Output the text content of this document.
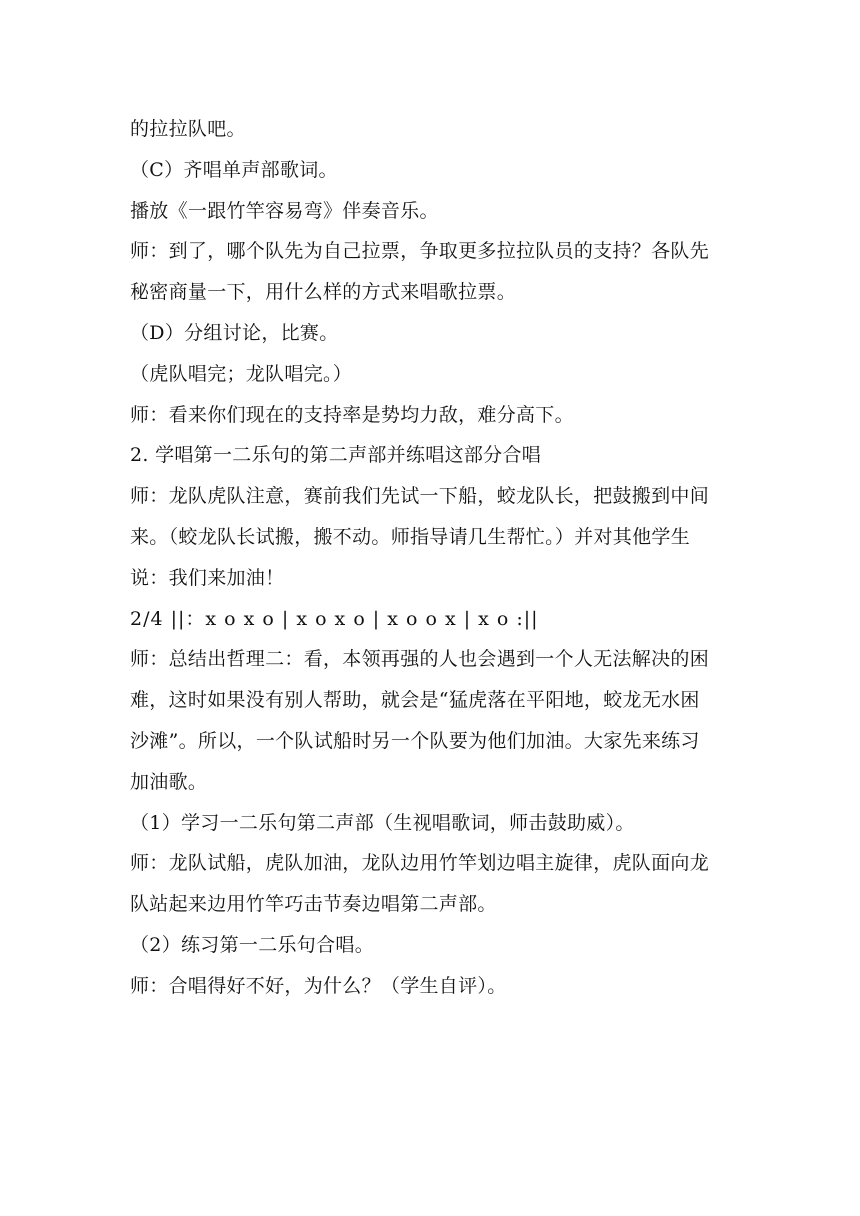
的拉拉队吧。
（C）齐唱单声部歌词。
播放《一跟竹竿容易弯》伴奏音乐。
师：到了，哪个队先为自己拉票，争取更多拉拉队员的支持？各队先
秘密商量一下，用什么样的方式来唱歌拉票。
（D）分组讨论，比赛。
（虎队唱完；龙队唱完。）
师：看来你们现在的支持率是势均力敌，难分高下。
2. 学唱第一二乐句的第二声部并练唱这部分合唱
师：龙队虎队注意，赛前我们先试一下船，蛟龙队长，把鼓搬到中间
来。（蛟龙队长试搬，搬不动。师指导请几生帮忙。）并对其他学生
说：我们来加油！
2/4 ||：x o x o | x o x o | x o o x | x o :||
师：总结出哲理二：看，本领再强的人也会遇到一个人无法解决的困
难，这时如果没有别人帮助，就会是“猛虎落在平阳地，蛟龙无水困
沙滩”。所以，一个队试船时另一个队要为他们加油。大家先来练习
加油歌。
（1）学习一二乐句第二声部（生视唱歌词，师击鼓助威）。
师：龙队试船，虎队加油，龙队边用竹竿划边唱主旋律，虎队面向龙
队站起来边用竹竿巧击节奏边唱第二声部。
（2）练习第一二乐句合唱。
师：合唱得好不好，为什么？（学生自评）。
